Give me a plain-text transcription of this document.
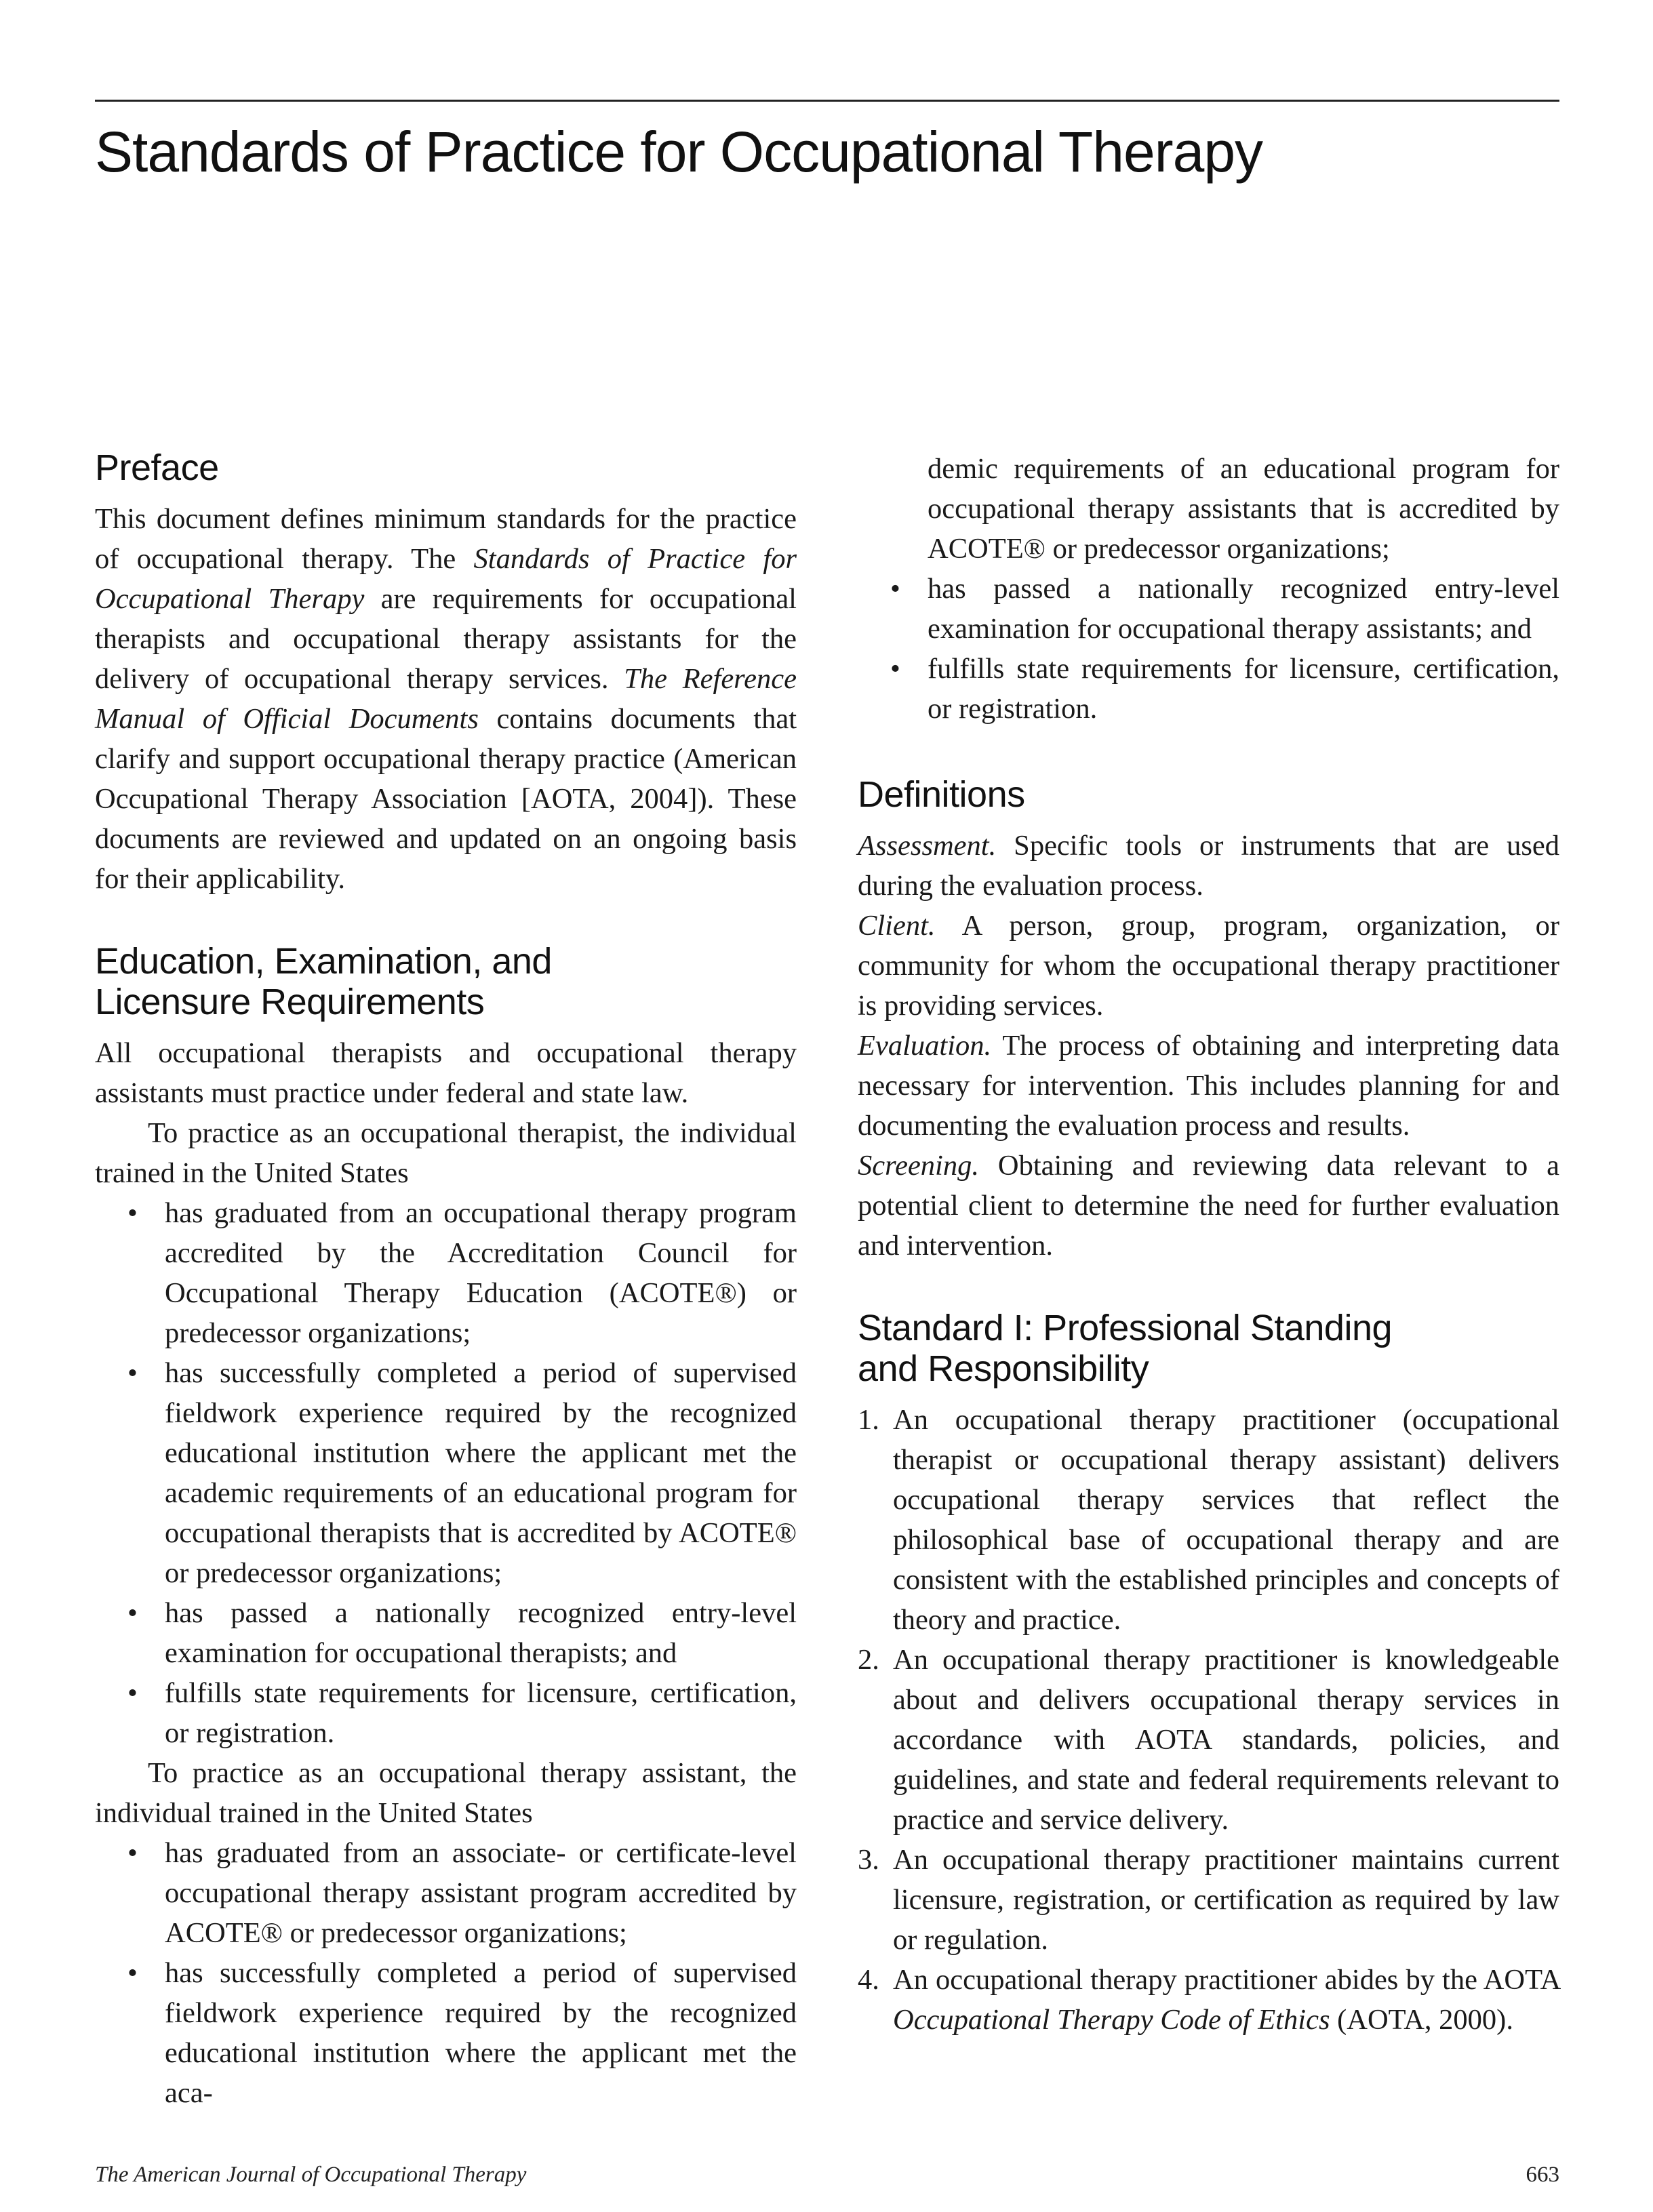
Standards of Practice for Occupational Therapy
Preface

This document defines minimum standards for the practice of occupational therapy. The Standards of Practice for Occupational Therapy are requirements for occupational therapists and occupational therapy assistants for the delivery of occupational therapy services. The Reference Manual of Official Documents contains documents that clarify and support occupational therapy practice (American Occupational Therapy Association [AOTA, 2004]). These documents are reviewed and updated on an ongoing basis for their applicability.

Education, Examination, and Licensure Requirements

All occupational therapists and occupational therapy assistants must practice under federal and state law.

To practice as an occupational therapist, the individual trained in the United States

• has graduated from an occupational therapy program accredited by the Accreditation Council for Occupational Therapy Education (ACOTE®) or predecessor organizations;
• has successfully completed a period of supervised fieldwork experience required by the recognized educational institution where the applicant met the academic requirements of an educational program for occupational therapists that is accredited by ACOTE® or predecessor organizations;
• has passed a nationally recognized entry-level examination for occupational therapists; and
• fulfills state requirements for licensure, certification, or registration.

To practice as an occupational therapy assistant, the individual trained in the United States

• has graduated from an associate- or certificate-level occupational therapy assistant program accredited by ACOTE® or predecessor organizations;
• has successfully completed a period of supervised fieldwork experience required by the recognized educational institution where the applicant met the aca-
demic requirements of an educational program for occupational therapy assistants that is accredited by ACOTE® or predecessor organizations;
• has passed a nationally recognized entry-level examination for occupational therapy assistants; and
• fulfills state requirements for licensure, certification, or registration.
Definitions

Assessment. Specific tools or instruments that are used during the evaluation process.

Client. A person, group, program, organization, or community for whom the occupational therapy practitioner is providing services.

Evaluation. The process of obtaining and interpreting data necessary for intervention. This includes planning for and documenting the evaluation process and results.

Screening. Obtaining and reviewing data relevant to a potential client to determine the need for further evaluation and intervention.

Standard I: Professional Standing and Responsibility
1. An occupational therapy practitioner (occupational therapist or occupational therapy assistant) delivers occupational therapy services that reflect the philosophical base of occupational therapy and are consistent with the established principles and concepts of theory and practice.
2. An occupational therapy practitioner is knowledgeable about and delivers occupational therapy services in accordance with AOTA standards, policies, and guidelines, and state and federal requirements relevant to practice and service delivery.
3. An occupational therapy practitioner maintains current licensure, registration, or certification as required by law or regulation.
4. An occupational therapy practitioner abides by the AOTA Occupational Therapy Code of Ethics (AOTA, 2000).
The American Journal of Occupational Therapy	663
